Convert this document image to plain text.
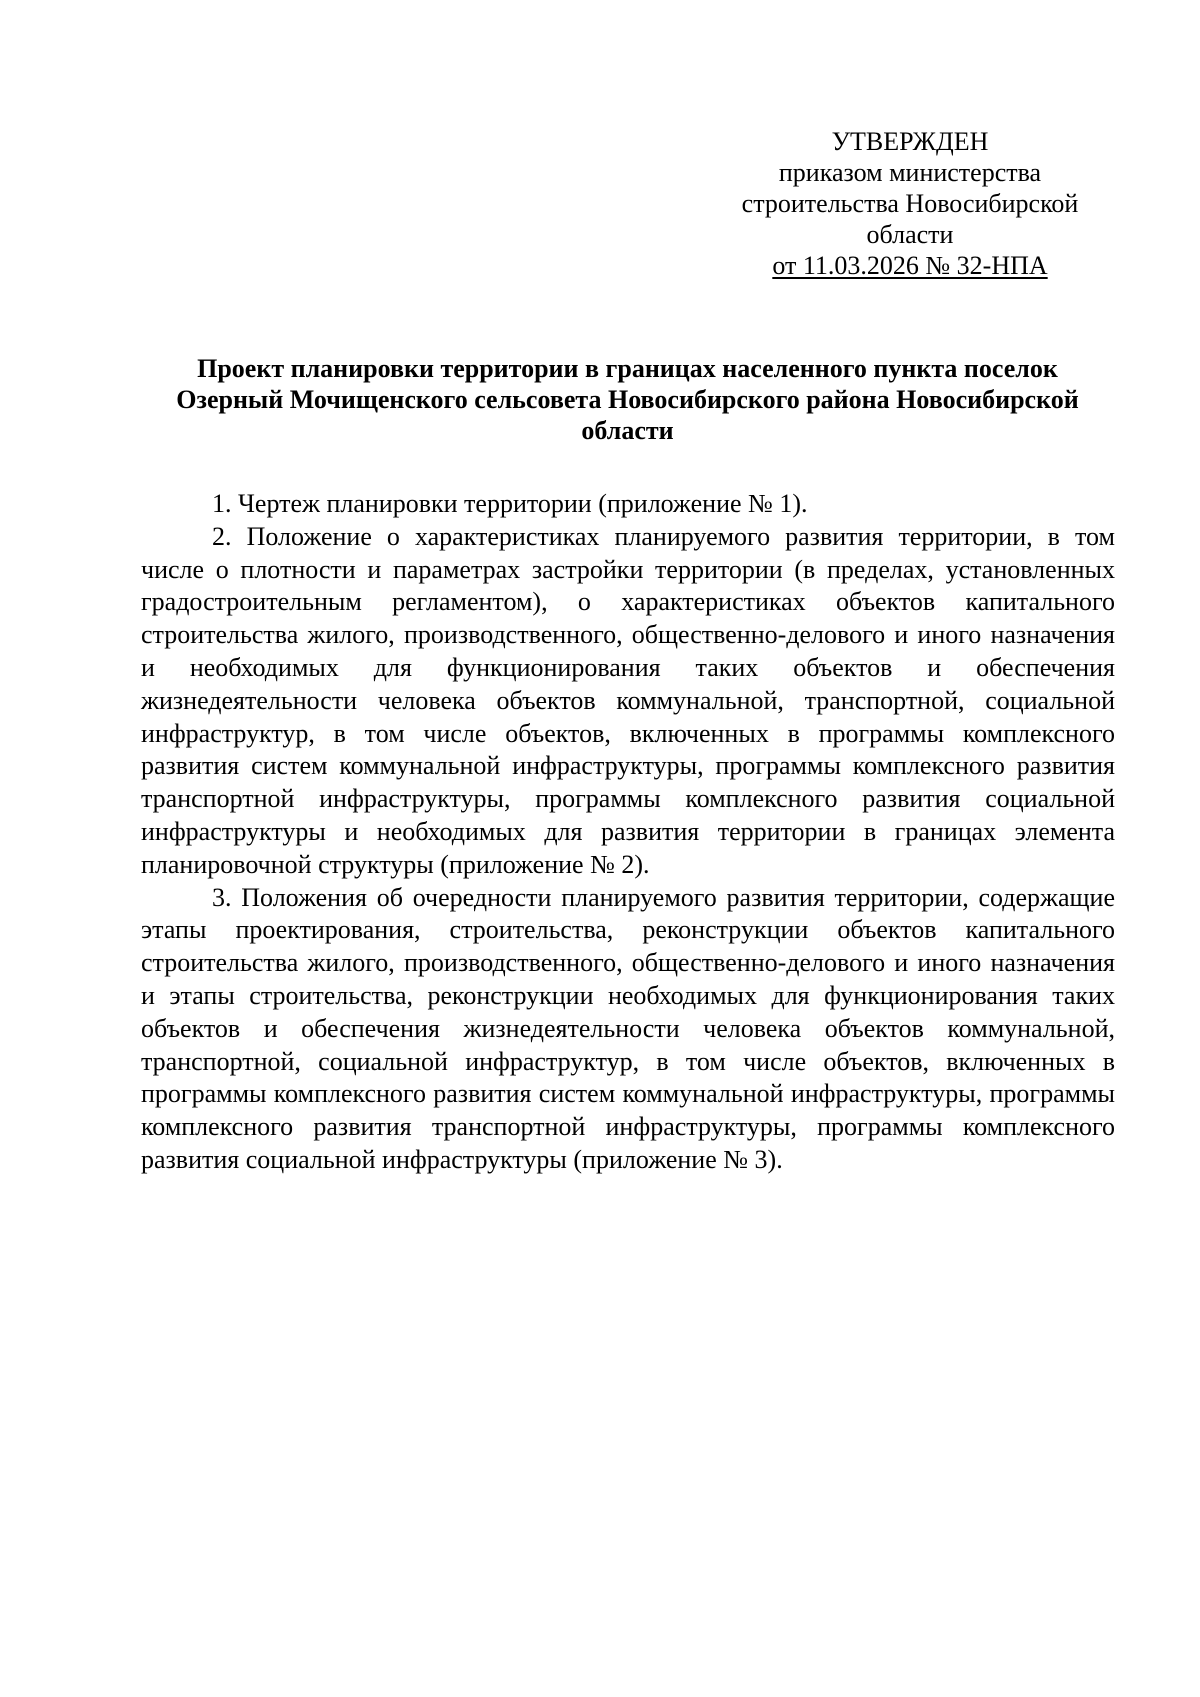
УТВЕРЖДЕН
приказом министерства
строительства Новосибирской
области
от 11.03.2026 № 32-НПА
Проект планировки территории в границах населенного пункта поселок
Озерный Мочищенского сельсовета Новосибирского района Новосибирской
области

1. Чертеж планировки территории (приложение № 1).

2. Положение о характеристиках планируемого развития территории, в том числе о плотности и параметрах застройки территории (в пределах, установленных градостроительным регламентом), о характеристиках объектов капитального строительства жилого, производственного, общественно-делового и иного назначения и необходимых для функционирования таких объектов и обеспечения жизнедеятельности человека объектов коммунальной, транспортной, социальной инфраструктур, в том числе объектов, включенных в программы комплексного развития систем коммунальной инфраструктуры, программы комплексного развития транспортной инфраструктуры, программы комплексного развития социальной инфраструктуры и необходимых для развития территории в границах элемента планировочной структуры (приложение № 2).

3. Положения об очередности планируемого развития территории, содержащие этапы проектирования, строительства, реконструкции объектов капитального строительства жилого, производственного, общественно-делового и иного назначения и этапы строительства, реконструкции необходимых для функционирования таких объектов и обеспечения жизнедеятельности человека объектов коммунальной, транспортной, социальной инфраструктур, в том числе объектов, включенных в программы комплексного развития систем коммунальной инфраструктуры, программы комплексного развития транспортной инфраструктуры, программы комплексного развития социальной инфраструктуры (приложение № 3).
